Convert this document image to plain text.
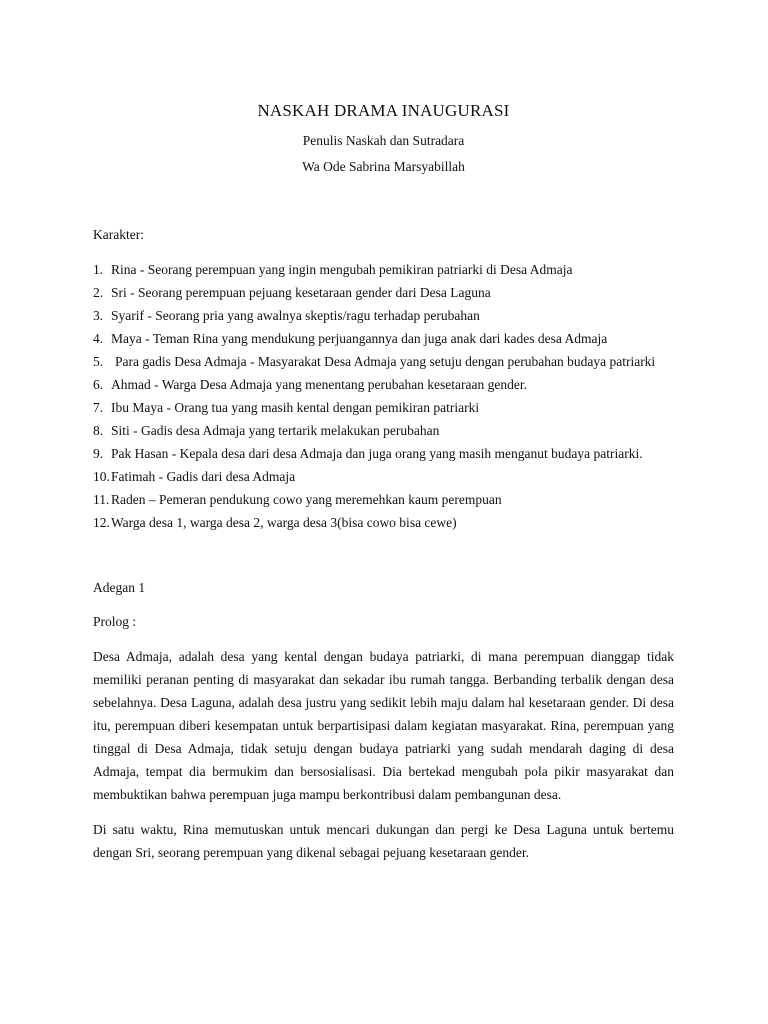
NASKAH DRAMA INAUGURASI
Penulis Naskah dan Sutradara
Wa Ode Sabrina Marsyabillah
Karakter:
1. Rina - Seorang perempuan yang ingin mengubah pemikiran patriarki di Desa Admaja
2. Sri - Seorang perempuan pejuang kesetaraan gender dari Desa Laguna
3. Syarif - Seorang pria yang awalnya skeptis/ragu terhadap perubahan
4. Maya - Teman Rina yang mendukung perjuangannya dan juga anak dari kades desa Admaja
5. Para gadis Desa Admaja - Masyarakat Desa Admaja yang setuju dengan perubahan budaya patriarki
6. Ahmad - Warga Desa Admaja yang menentang perubahan kesetaraan gender.
7. Ibu Maya - Orang tua yang masih kental dengan pemikiran patriarki
8. Siti - Gadis desa Admaja yang tertarik melakukan perubahan
9. Pak Hasan - Kepala desa dari desa Admaja dan juga orang yang masih menganut budaya patriarki.
10. Fatimah - Gadis dari desa Admaja
11. Raden – Pemeran pendukung cowo yang meremehkan kaum perempuan
12. Warga desa 1, warga desa 2, warga desa 3(bisa cowo bisa cewe)
Adegan 1
Prolog :

Desa Admaja, adalah desa yang kental dengan budaya patriarki, di mana perempuan dianggap tidak memiliki peranan penting di masyarakat dan sekadar ibu rumah tangga. Berbanding terbalik dengan desa sebelahnya. Desa Laguna, adalah desa justru yang sedikit lebih maju dalam hal kesetaraan gender. Di desa itu, perempuan diberi kesempatan untuk berpartisipasi dalam kegiatan masyarakat. Rina, perempuan yang tinggal di Desa Admaja, tidak setuju dengan budaya patriarki yang sudah mendarah daging di desa Admaja, tempat dia bermukim dan bersosialisasi. Dia bertekad mengubah pola pikir masyarakat dan membuktikan bahwa perempuan juga mampu berkontribusi dalam pembangunan desa.

Di satu waktu, Rina memutuskan untuk mencari dukungan dan pergi ke Desa Laguna untuk bertemu dengan Sri, seorang perempuan yang dikenal sebagai pejuang kesetaraan gender.
